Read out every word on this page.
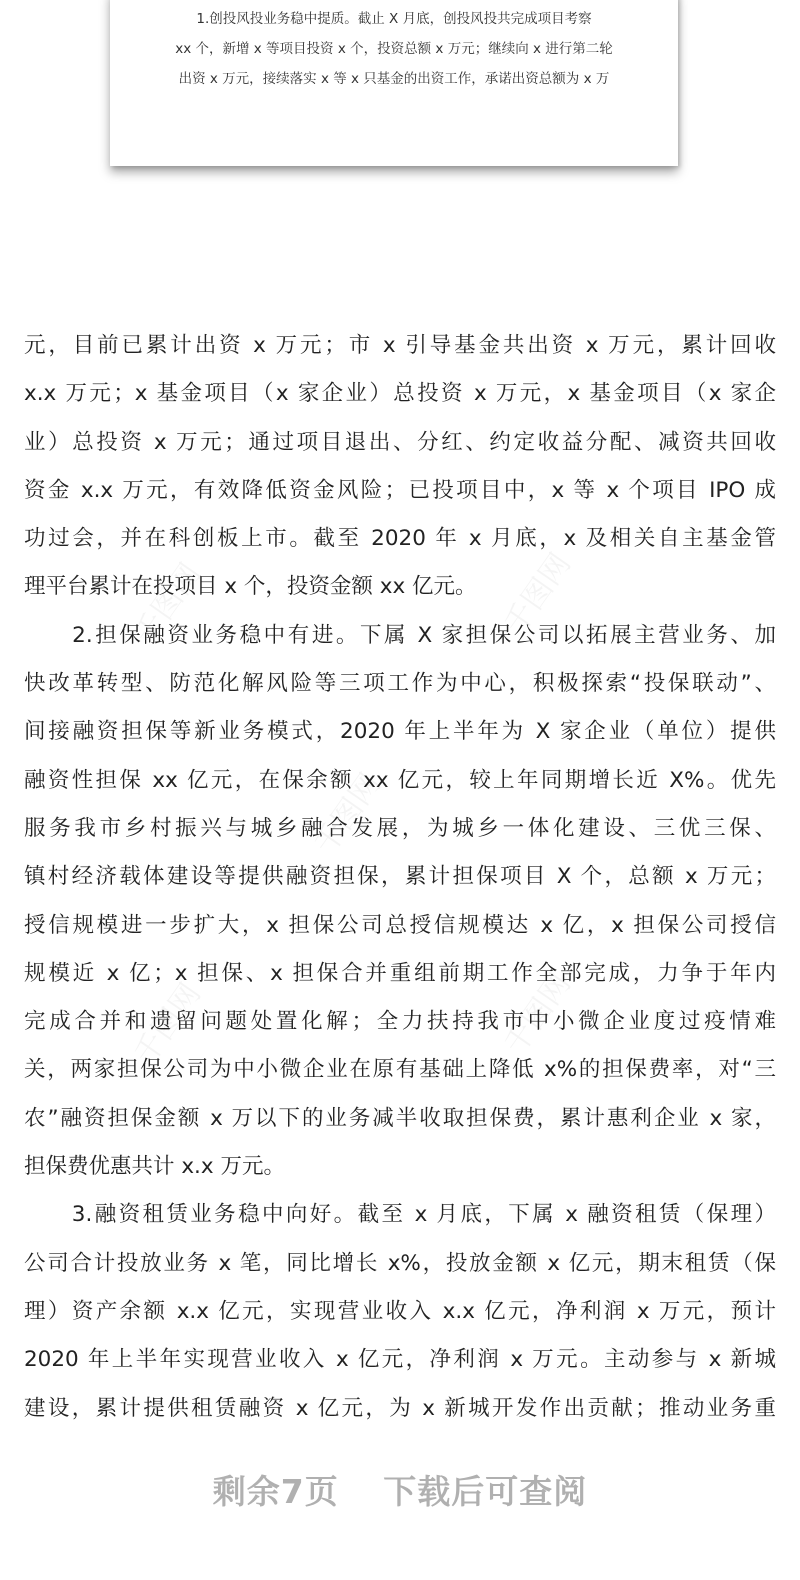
1.创投风投业务稳中提质。截止 X 月底，创投风投共完成项目考察
xx 个，新增 x 等项目投资 x 个，投资总额 x 万元；继续向 x 进行第二轮
出资 x 万元，接续落实 x 等 x 只基金的出资工作，承诺出资总额为 x 万
元，目前已累计出资 x 万元；市 x 引导基金共出资 x 万元，累计回收
x.x 万元；x 基金项目（x 家企业）总投资 x 万元，x 基金项目（x 家企
业）总投资 x 万元；通过项目退出、分红、约定收益分配、减资共回收
资金 x.x 万元，有效降低资金风险；已投项目中，x 等 x 个项目 IPO 成
功过会，并在科创板上市。截至 2020 年 x 月底，x 及相关自主基金管
理平台累计在投项目 x 个，投资金额 xx 亿元。
　　2.担保融资业务稳中有进。下属 X 家担保公司以拓展主营业务、加
快改革转型、防范化解风险等三项工作为中心，积极探索“投保联动”、
间接融资担保等新业务模式，2020 年上半年为 X 家企业（单位）提供
融资性担保 xx 亿元，在保余额 xx 亿元，较上年同期增长近 X%。优先
服务我市乡村振兴与城乡融合发展，为城乡一体化建设、三优三保、
镇村经济载体建设等提供融资担保，累计担保项目 X 个，总额 x 万元；
授信规模进一步扩大，x 担保公司总授信规模达 x 亿，x 担保公司授信
规模近 x 亿；x 担保、x 担保合并重组前期工作全部完成，力争于年内
完成合并和遗留问题处置化解；全力扶持我市中小微企业度过疫情难
关，两家担保公司为中小微企业在原有基础上降低 x%的担保费率，对“三
农”融资担保金额 x 万以下的业务减半收取担保费，累计惠利企业 x 家，
担保费优惠共计 x.x 万元。
　　3.融资租赁业务稳中向好。截至 x 月底，下属 x 融资租赁（保理）
公司合计投放业务 x 笔，同比增长 x%，投放金额 x 亿元，期末租赁（保
理）资产余额 x.x 亿元，实现营业收入 x.x 亿元，净利润 x 万元，预计
2020 年上半年实现营业收入 x 亿元，净利润 x 万元。主动参与 x 新城
建设，累计提供租赁融资 x 亿元，为 x 新城开发作出贡献；推动业务重
剩余7页 下载后可查阅
